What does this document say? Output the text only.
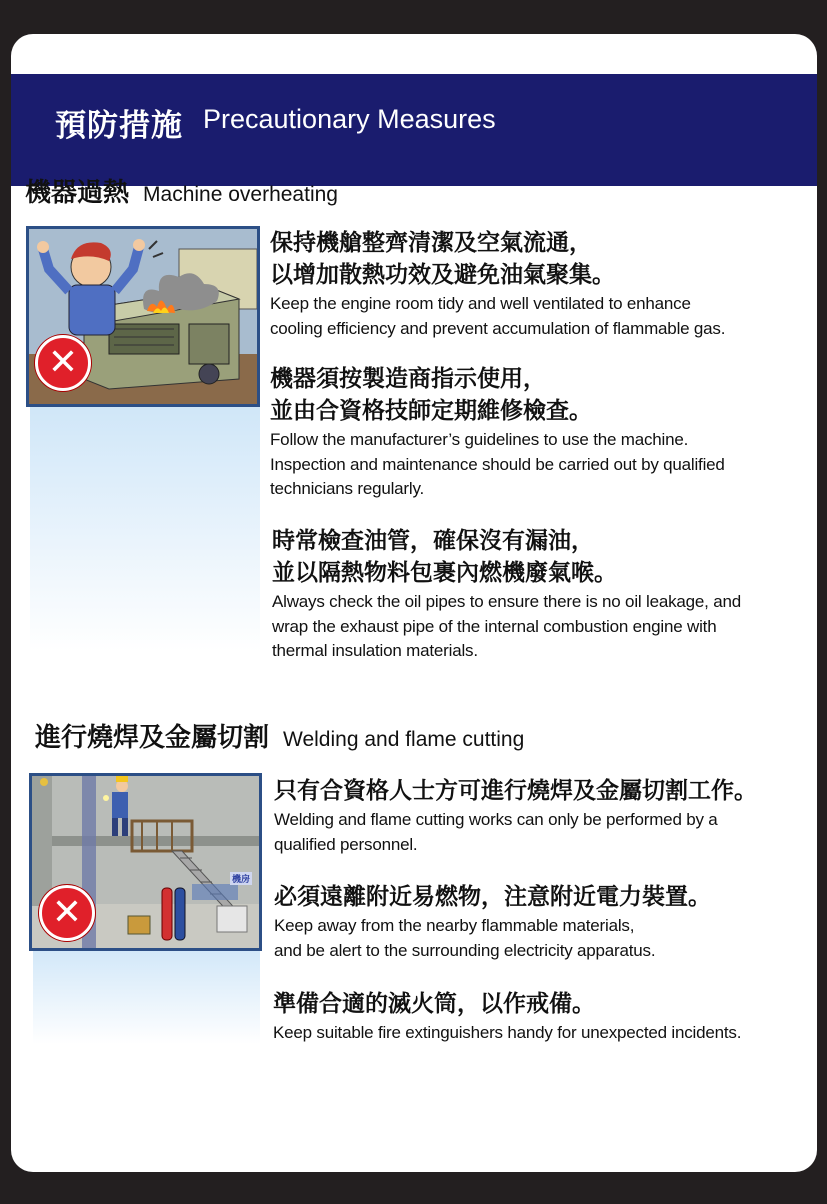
預防措施 Precautionary Measures
機器過熱 Machine overheating
✕
保持機艙整齊清潔及空氣流通，
以增加散熱功效及避免油氣聚集。
Keep the engine room tidy and well ventilated to enhance
cooling efficiency and prevent accumulation of flammable gas.
機器須按製造商指示使用，
並由合資格技師定期維修檢查。
Follow the manufacturer’s guidelines to use the machine.
Inspection and maintenance should be carried out by qualified
technicians regularly.
時常檢查油管，確保沒有漏油，
並以隔熱物料包裹內燃機廢氣喉。
Always check the oil pipes to ensure there is no oil leakage, and
wrap the exhaust pipe of the internal combustion engine with
thermal insulation materials.
進行燒焊及金屬切割 Welding and flame cutting
機房
✕
只有合資格人士方可進行燒焊及金屬切割工作。
Welding and flame cutting works can only be performed by a
qualified personnel.
必須遠離附近易燃物，注意附近電力裝置。
Keep away from the nearby flammable materials,
and be alert to the surrounding electricity apparatus.
準備合適的滅火筒，以作戒備。
Keep suitable fire extinguishers handy for unexpected incidents.
